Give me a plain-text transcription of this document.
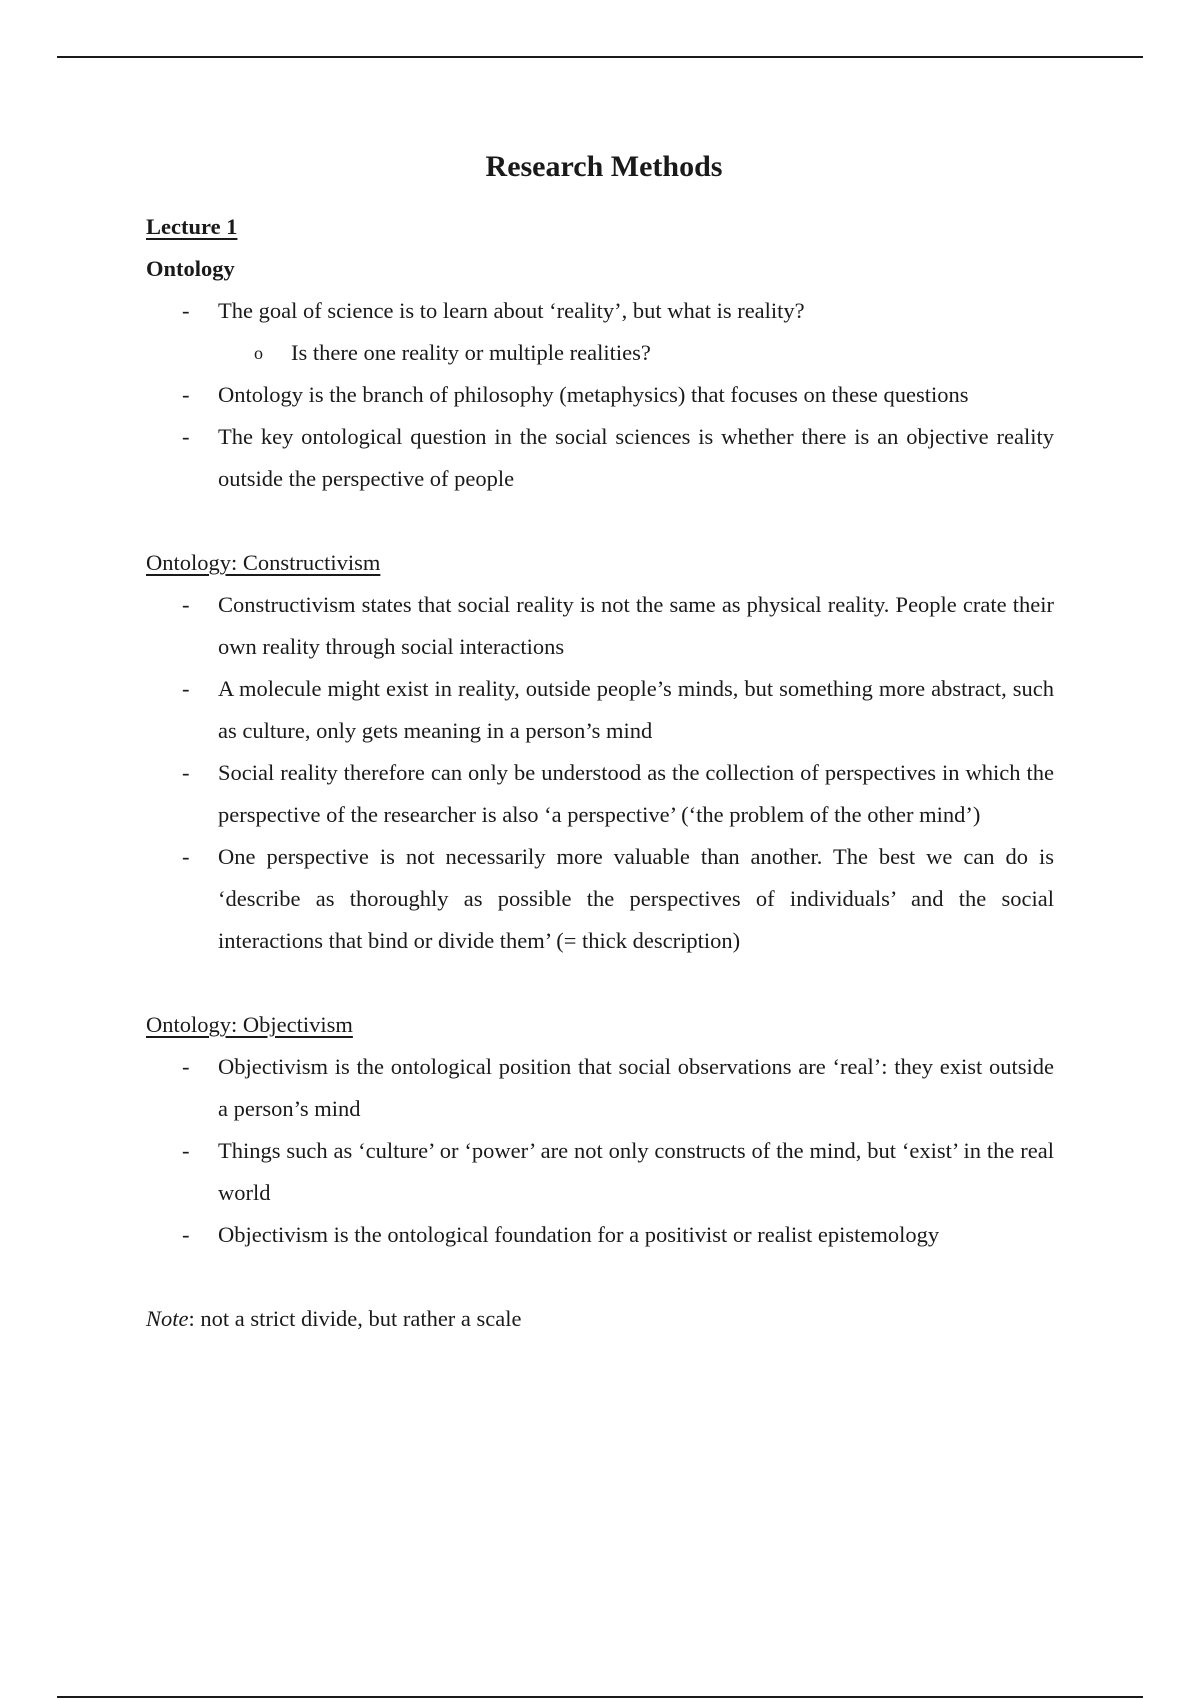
Research Methods
Lecture 1
Ontology
- The goal of science is to learn about ‘reality’, but what is reality?
o Is there one reality or multiple realities?
- Ontology is the branch of philosophy (metaphysics) that focuses on these questions
- The key ontological question in the social sciences is whether there is an objective reality outside the perspective of people
Ontology: Constructivism
- Constructivism states that social reality is not the same as physical reality. People crate their own reality through social interactions
- A molecule might exist in reality, outside people’s minds, but something more abstract, such as culture, only gets meaning in a person’s mind
- Social reality therefore can only be understood as the collection of perspectives in which the perspective of the researcher is also ‘a perspective’ (‘the problem of the other mind’)
- One perspective is not necessarily more valuable than another. The best we can do is ‘describe as thoroughly as possible the perspectives of individuals’ and the social interactions that bind or divide them’ (= thick description)
Ontology: Objectivism
- Objectivism is the ontological position that social observations are ‘real’: they exist outside a person’s mind
- Things such as ‘culture’ or ‘power’ are not only constructs of the mind, but ‘exist’ in the real world
- Objectivism is the ontological foundation for a positivist or realist epistemology
Note: not a strict divide, but rather a scale
